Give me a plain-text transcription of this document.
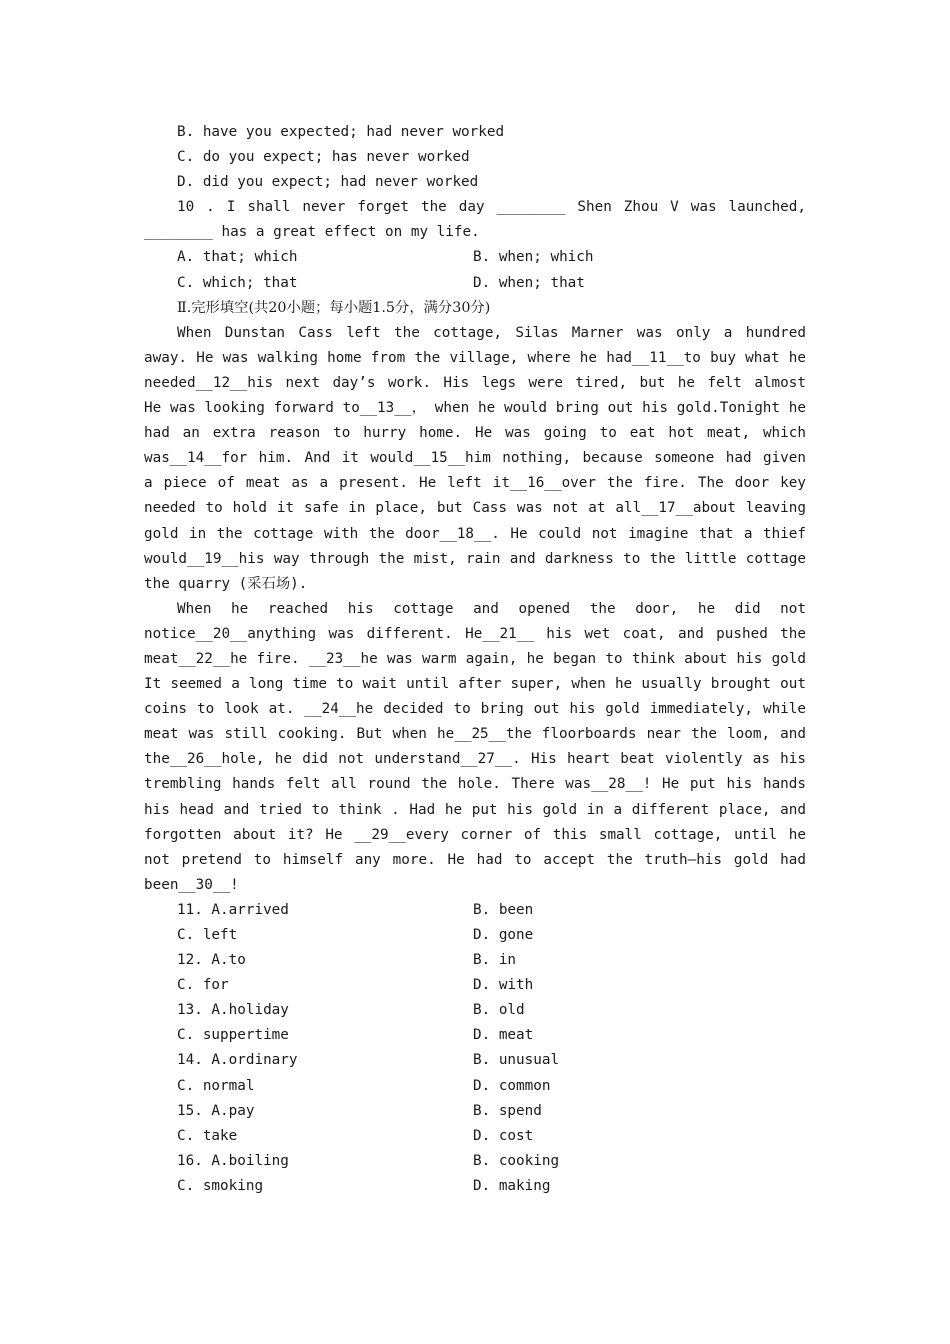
B. have you expected; had never worked
C. do you expect; has never worked
D. did you expect; had never worked
10 . I shall never forget the day ________ Shen Zhou V was launched,
________ has a great effect on my life.
A. that; which	B. when; which
C. which; that	D. when; that
Ⅱ.完形填空(共20小题；每小题1.5分，满分30分)
When Dunstan Cass left the cottage, Silas Marner was only a hundred
away. He was walking home from the village, where he had__11__to buy what he
needed__12__his next day’s work. His legs were tired, but he felt almost
He was looking forward to__13__， when he would bring out his gold.Tonight he
had an extra reason to hurry home. He was going to eat hot meat, which
was__14__for him. And it would__15__him nothing, because someone had given
a piece of meat as a present. He left it__16__over the fire. The door key
needed to hold it safe in place, but Cass was not at all__17__about leaving
gold in the cottage with the door__18__. He could not imagine that a thief
would__19__his way through the mist, rain and darkness to the little cottage
the quarry (采石场).
When he reached his cottage and opened the door, he did not
notice__20__anything was different. He__21__ his wet coat, and pushed the
meat__22__he fire. __23__he was warm again, he began to think about his gold
It seemed a long time to wait until after super, when he usually brought out
coins to look at. __24__he decided to bring out his gold immediately, while
meat was still cooking. But when he__25__the floorboards near the loom, and
the__26__hole, he did not understand__27__. His heart beat violently as his
trembling hands felt all round the hole. There was__28__! He put his hands
his head and tried to think . Had he put his gold in a different place, and
forgotten about it? He __29__every corner of this small cottage, until he
not pretend to himself any more. He had to accept the truth—his gold had
been__30__!
11. A.arrived	B. been
C. left	D. gone
12. A.to	B. in
C. for	D. with
13. A.holiday	B. old
C. suppertime	D. meat
14. A.ordinary	B. unusual
C. normal	D. common
15. A.pay	B. spend
C. take	D. cost
16. A.boiling	B. cooking
C. smoking	D. making
